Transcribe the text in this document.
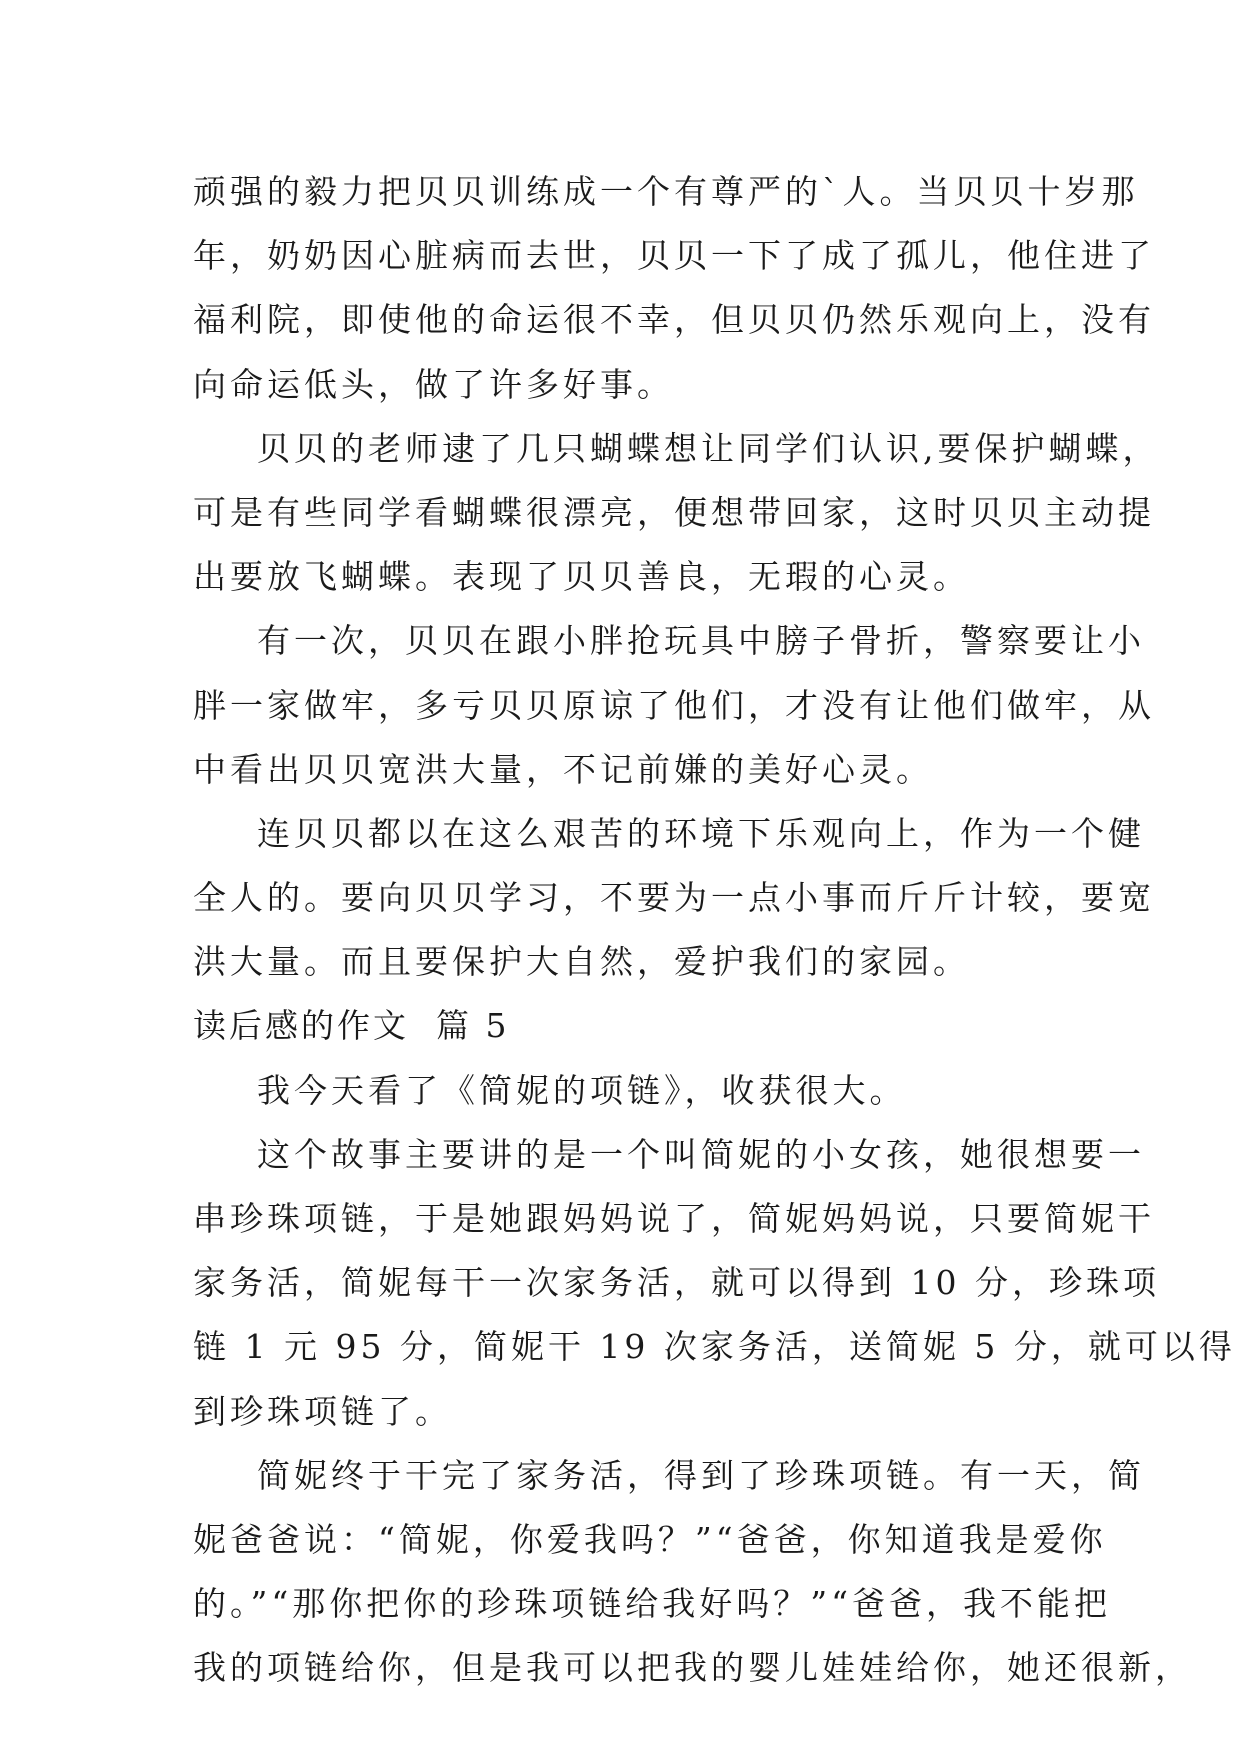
顽强的毅力把贝贝训练成一个有尊严的`人。当贝贝十岁那
年，奶奶因心脏病而去世，贝贝一下了成了孤儿，他住进了
福利院，即使他的命运很不幸，但贝贝仍然乐观向上，没有
向命运低头，做了许多好事。
贝贝的老师逮了几只蝴蝶想让同学们认识,要保护蝴蝶，
可是有些同学看蝴蝶很漂亮，便想带回家，这时贝贝主动提
出要放飞蝴蝶。表现了贝贝善良，无瑕的心灵。
有一次，贝贝在跟小胖抢玩具中膀子骨折，警察要让小
胖一家做牢，多亏贝贝原谅了他们，才没有让他们做牢，从
中看出贝贝宽洪大量，不记前嫌的美好心灵。
连贝贝都以在这么艰苦的环境下乐观向上，作为一个健
全人的。要向贝贝学习，不要为一点小事而斤斤计较，要宽
洪大量。而且要保护大自然，爱护我们的家园。
读后感的作文  篇 5
我今天看了《简妮的项链》，收获很大。
这个故事主要讲的是一个叫简妮的小女孩，她很想要一
串珍珠项链，于是她跟妈妈说了，简妮妈妈说，只要简妮干
家务活，简妮每干一次家务活，就可以得到 10 分，珍珠项
链 1 元 95 分，简妮干 19 次家务活，送简妮 5 分，就可以得
到珍珠项链了。
简妮终于干完了家务活，得到了珍珠项链。有一天，简
妮爸爸说：“简妮，你爱我吗？”“爸爸，你知道我是爱你
的。”“那你把你的珍珠项链给我好吗？”“爸爸，我不能把
我的项链给你，但是我可以把我的婴儿娃娃给你，她还很新，
